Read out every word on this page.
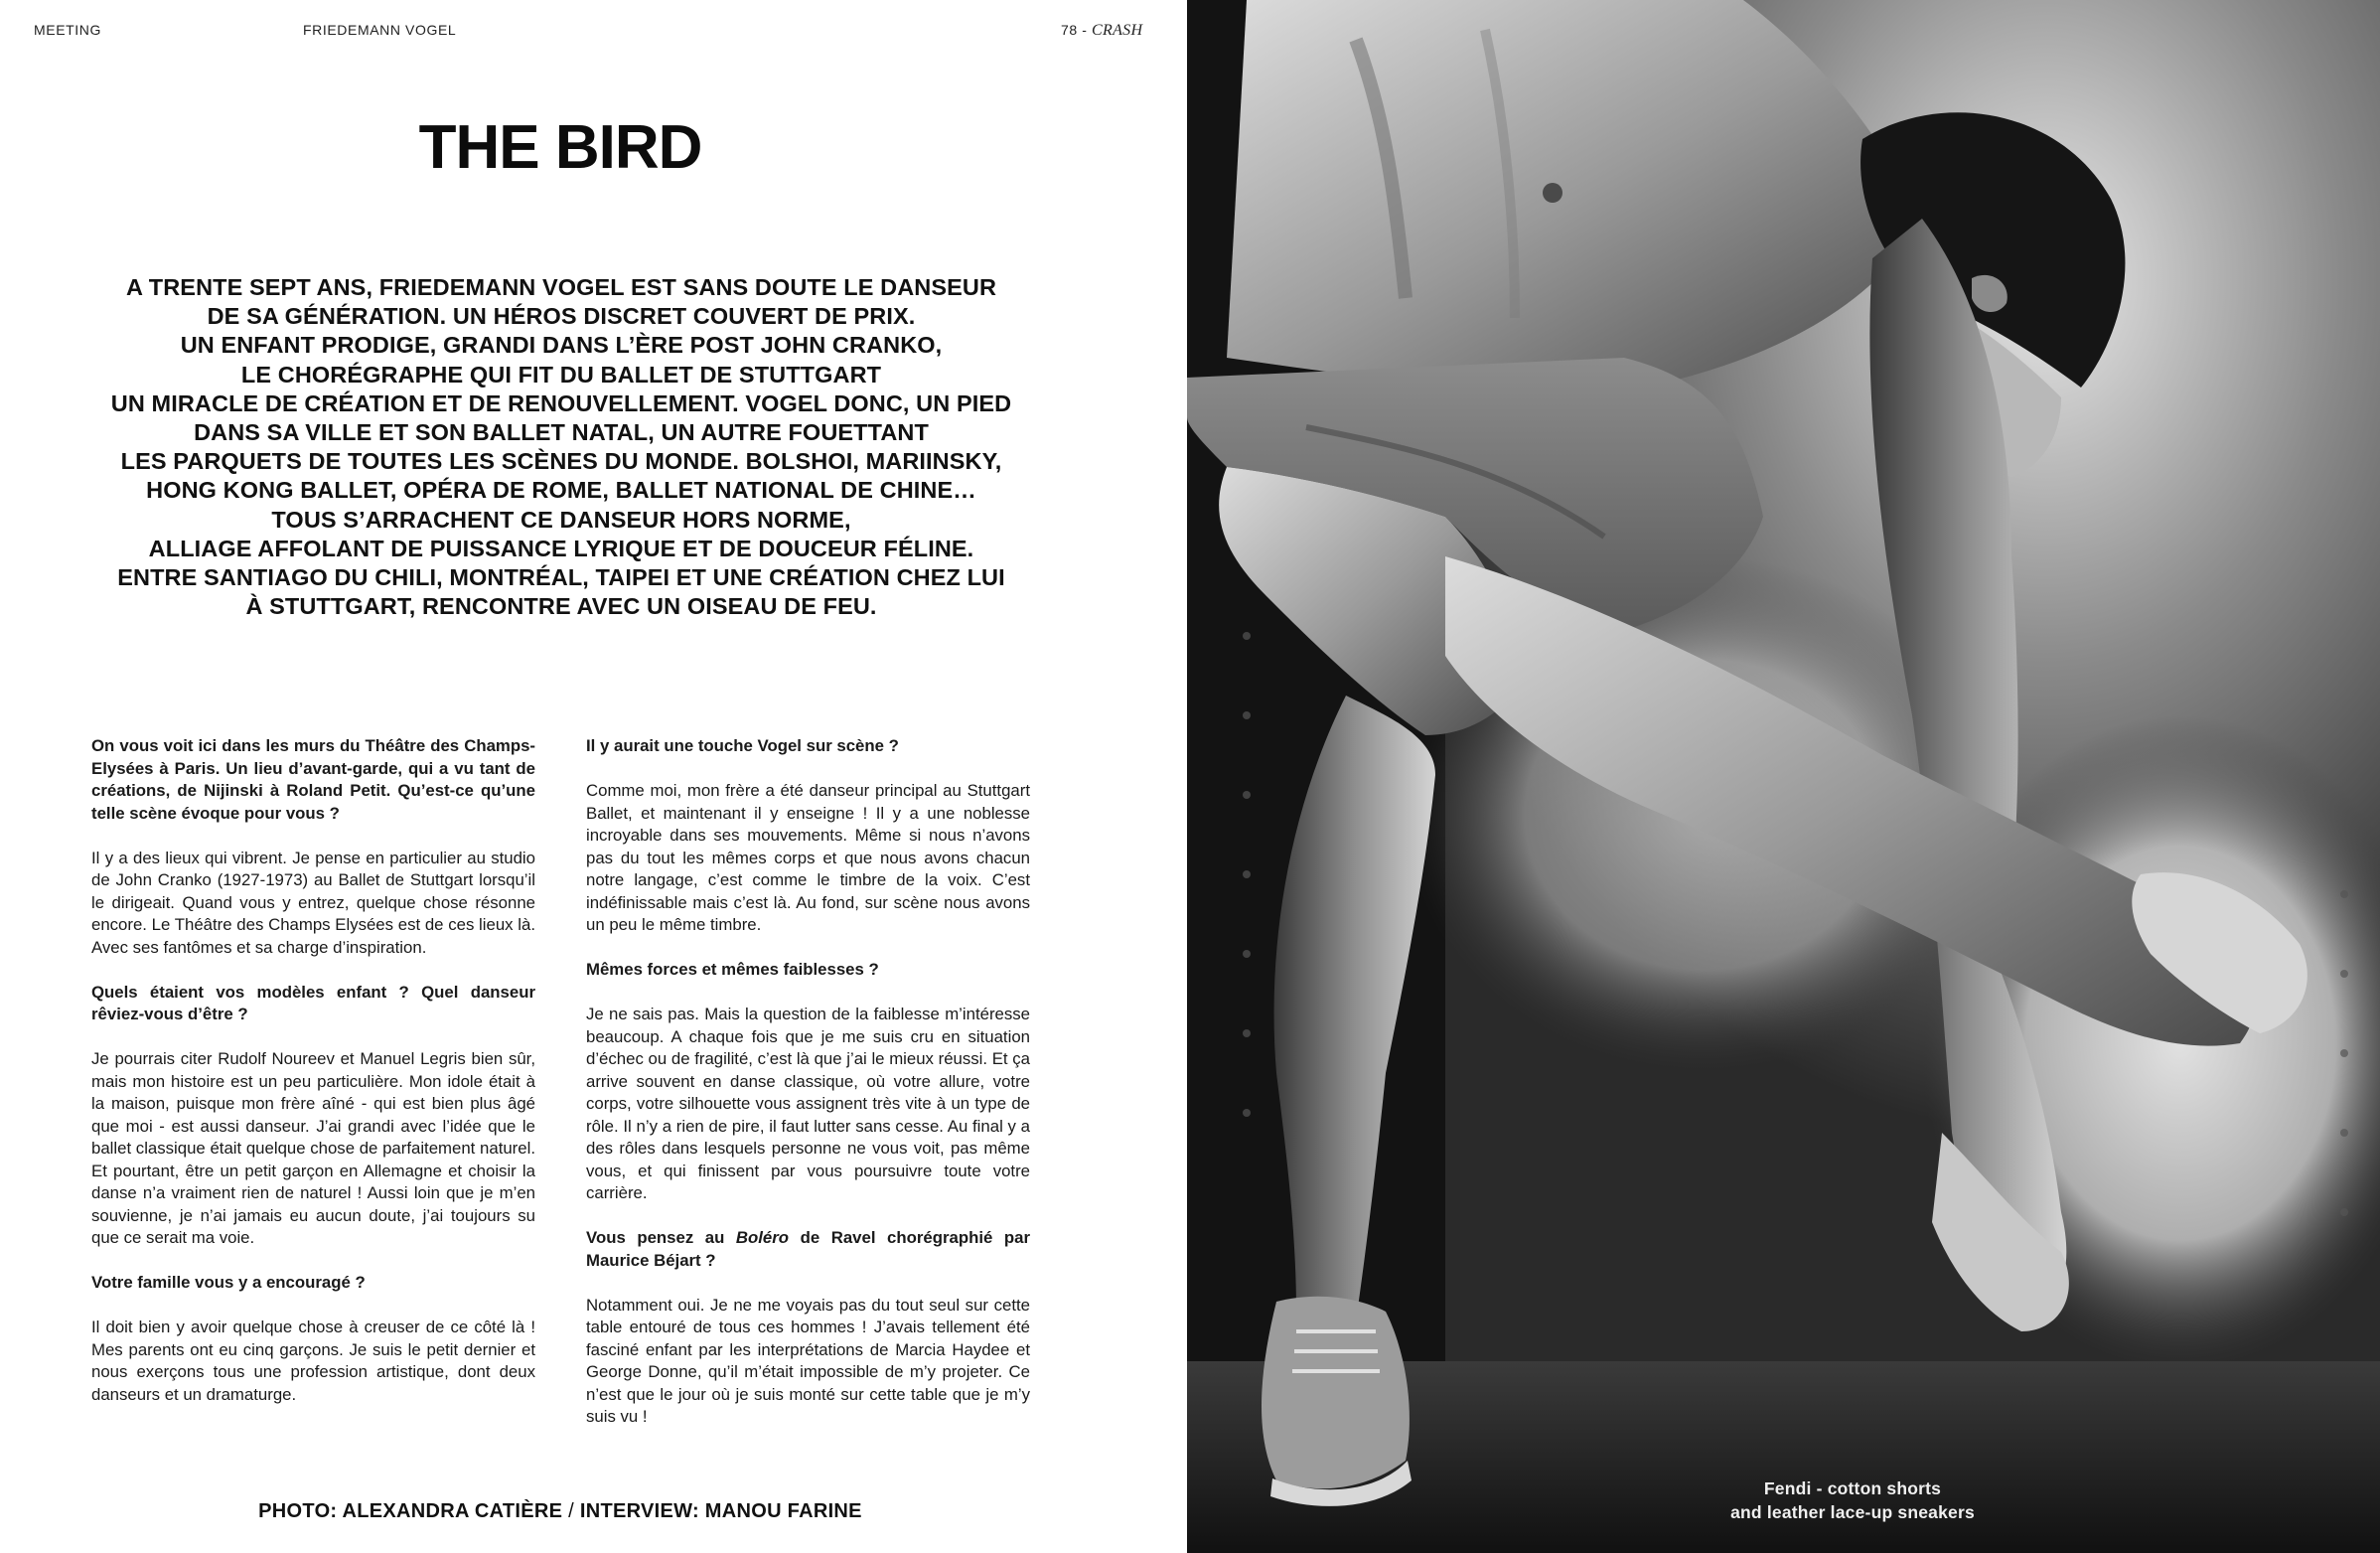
MEETING	FRIEDEMANN VOGEL	78 - CRASH
THE BIRD
A TRENTE SEPT ANS, FRIEDEMANN VOGEL EST SANS DOUTE LE DANSEUR
DE SA GÉNÉRATION. UN HÉROS DISCRET COUVERT DE PRIX.
UN ENFANT PRODIGE, GRANDI DANS L’ÈRE POST JOHN CRANKO,
LE CHORÉGRAPHE QUI FIT DU BALLET DE STUTTGART
UN MIRACLE DE CRÉATION ET DE RENOUVELLEMENT. VOGEL DONC, UN PIED
DANS SA VILLE ET SON BALLET NATAL, UN AUTRE FOUETTANT
LES PARQUETS DE TOUTES LES SCÈNES DU MONDE. BOLSHOI, MARIINSKY,
HONG KONG BALLET, OPÉRA DE ROME, BALLET NATIONAL DE CHINE…
TOUS S’ARRACHENT CE DANSEUR HORS NORME,
ALLIAGE AFFOLANT DE PUISSANCE LYRIQUE ET DE DOUCEUR FÉLINE.
ENTRE SANTIAGO DU CHILI, MONTRÉAL, TAIPEI ET UNE CRÉATION CHEZ LUI
À STUTTGART, RENCONTRE AVEC UN OISEAU DE FEU.

On vous voit ici dans les murs du Théâtre des Champs-Elysées à Paris. Un lieu d’avant-garde, qui a vu tant de créations, de Nijinski à Roland Petit. Qu’est-ce qu’une telle scène évoque pour vous ?

Il y a des lieux qui vibrent. Je pense en particulier au studio de John Cranko (1927-1973) au Ballet de Stuttgart lorsqu’il le dirigeait. Quand vous y entrez, quelque chose résonne encore. Le Théâtre des Champs Elysées est de ces lieux là. Avec ses fantômes et sa charge d’inspiration.

Quels étaient vos modèles enfant ? Quel danseur rêviez-vous d’être ?

Je pourrais citer Rudolf Noureev et Manuel Legris bien sûr, mais mon histoire est un peu particulière. Mon idole était à la maison, puisque mon frère aîné - qui est bien plus âgé que moi - est aussi danseur. J’ai grandi avec l’idée que le ballet classique était quelque chose de parfaitement naturel. Et pourtant, être un petit garçon en Allemagne et choisir la danse n’a vraiment rien de naturel ! Aussi loin que je m’en souvienne, je n’ai jamais eu aucun doute, j’ai toujours su que ce serait ma voie.

Votre famille vous y a encouragé ?

Il doit bien y avoir quelque chose à creuser de ce côté là ! Mes parents ont eu cinq garçons. Je suis le petit dernier et nous exerçons tous une profession artistique, dont deux danseurs et un dramaturge.

Il y aurait une touche Vogel sur scène ?

Comme moi, mon frère a été danseur principal au Stuttgart Ballet, et maintenant il y enseigne ! Il y a une noblesse incroyable dans ses mouvements. Même si nous n’avons pas du tout les mêmes corps et que nous avons chacun notre langage, c’est comme le timbre de la voix. C’est indéfinissable mais c’est là. Au fond, sur scène nous avons un peu le même timbre.

Mêmes forces et mêmes faiblesses ?

Je ne sais pas. Mais la question de la faiblesse m’intéresse beaucoup. A chaque fois que je me suis cru en situation d’échec ou de fragilité, c’est là que j’ai le mieux réussi. Et ça arrive souvent en danse classique, où votre allure, votre corps, votre silhouette vous assignent très vite à un type de rôle. Il n’y a rien de pire, il faut lutter sans cesse. Au final y a des rôles dans lesquels personne ne vous voit, pas même vous, et qui finissent par vous poursuivre toute votre carrière.

Vous pensez au Boléro de Ravel chorégraphié par Maurice Béjart ?

Notamment oui. Je ne me voyais pas du tout seul sur cette table entouré de tous ces hommes ! J’avais tellement été fasciné enfant par les interprétations de Marcia Haydee et George Donne, qu’il m’était impossible de m’y projeter. Ce n’est que le jour où je suis monté sur cette table que je m’y suis vu !

PHOTO: ALEXANDRA CATIÈRE / INTERVIEW: MANOU FARINE
Fendi - cotton shorts
and leather lace-up sneakers
